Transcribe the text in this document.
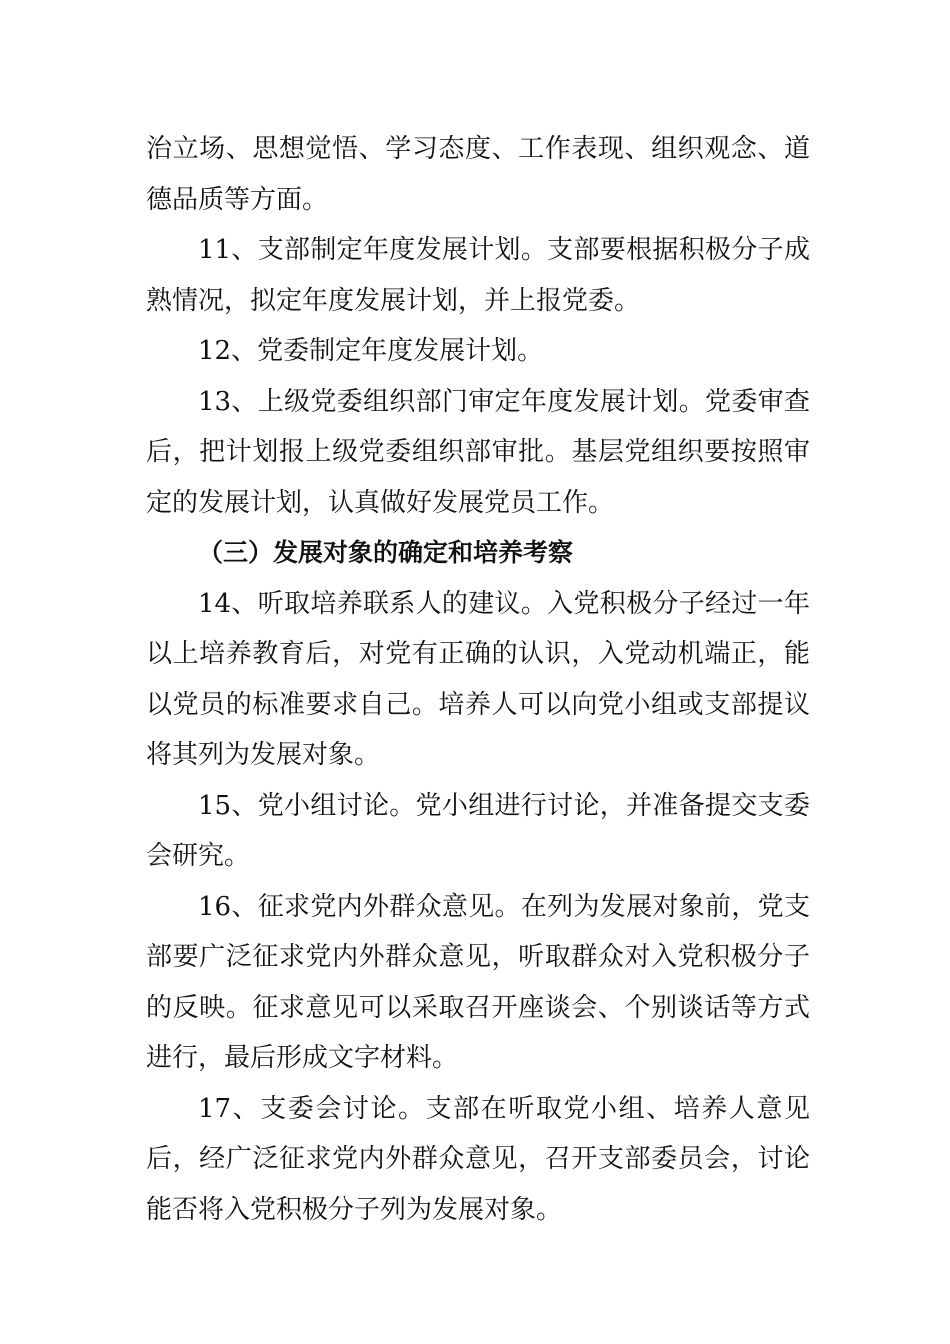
治立场、思想觉悟、学习态度、工作表现、组织观念、道德品质等方面。

11、支部制定年度发展计划。支部要根据积极分子成熟情况，拟定年度发展计划，并上报党委。

12、党委制定年度发展计划。

13、上级党委组织部门审定年度发展计划。党委审查后，把计划报上级党委组织部审批。基层党组织要按照审定的发展计划，认真做好发展党员工作。

（三）发展对象的确定和培养考察

14、听取培养联系人的建议。入党积极分子经过一年以上培养教育后，对党有正确的认识，入党动机端正，能以党员的标准要求自己。培养人可以向党小组或支部提议将其列为发展对象。

15、党小组讨论。党小组进行讨论，并准备提交支委会研究。

16、征求党内外群众意见。在列为发展对象前，党支部要广泛征求党内外群众意见，听取群众对入党积极分子的反映。征求意见可以采取召开座谈会、个别谈话等方式进行，最后形成文字材料。

17、支委会讨论。支部在听取党小组、培养人意见后，经广泛征求党内外群众意见，召开支部委员会，讨论能否将入党积极分子列为发展对象。
